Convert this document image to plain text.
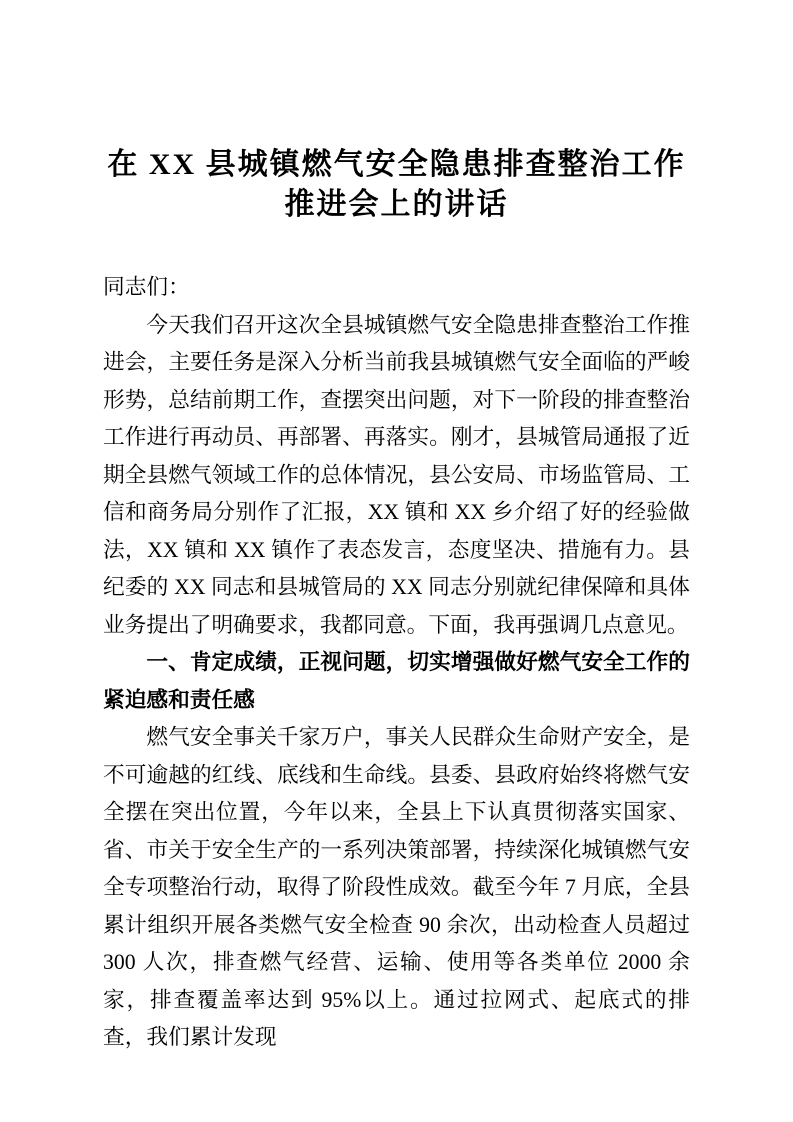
在 XX 县城镇燃气安全隐患排查整治工作
推进会上的讲话

同志们：

今天我们召开这次全县城镇燃气安全隐患排查整治工作推进会，主要任务是深入分析当前我县城镇燃气安全面临的严峻形势，总结前期工作，查摆突出问题，对下一阶段的排查整治工作进行再动员、再部署、再落实。刚才，县城管局通报了近期全县燃气领域工作的总体情况，县公安局、市场监管局、工信和商务局分别作了汇报，XX 镇和 XX 乡介绍了好的经验做法，XX 镇和 XX 镇作了表态发言，态度坚决、措施有力。县纪委的 XX 同志和县城管局的 XX 同志分别就纪律保障和具体业务提出了明确要求，我都同意。下面，我再强调几点意见。

一、肯定成绩，正视问题，切实增强做好燃气安全工作的紧迫感和责任感

燃气安全事关千家万户，事关人民群众生命财产安全，是不可逾越的红线、底线和生命线。县委、县政府始终将燃气安全摆在突出位置，今年以来，全县上下认真贯彻落实国家、省、市关于安全生产的一系列决策部署，持续深化城镇燃气安全专项整治行动，取得了阶段性成效。截至今年 7 月底，全县累计组织开展各类燃气安全检查 90 余次，出动检查人员超过 300 人次，排查燃气经营、运输、使用等各类单位 2000 余家，排查覆盖率达到 95%以上。通过拉网式、起底式的排查，我们累计发现
